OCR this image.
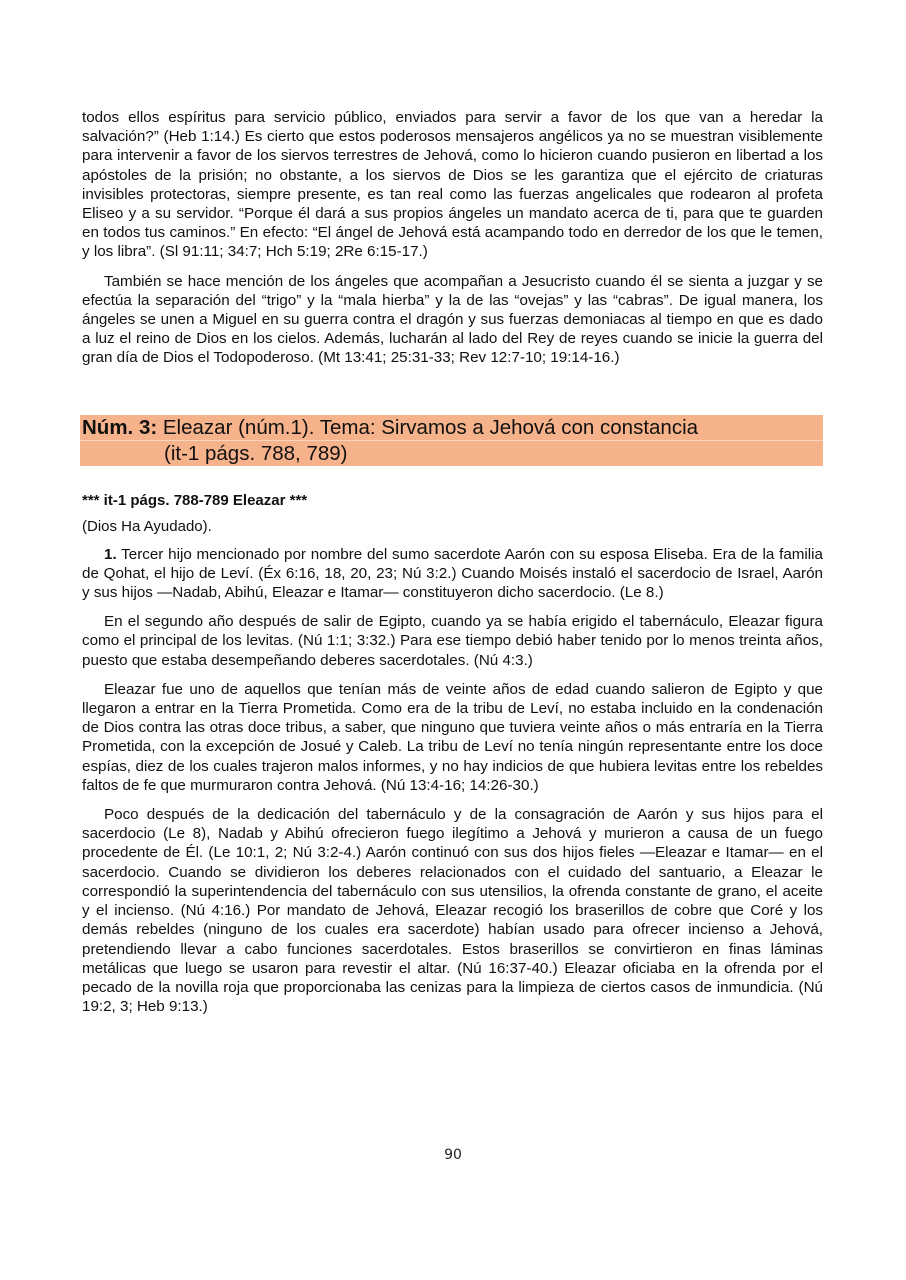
todos ellos espíritus para servicio público, enviados para servir a favor de los que van a heredar la salvación?” (Heb 1:14.) Es cierto que estos poderosos mensajeros angélicos ya no se muestran visiblemente para intervenir a favor de los siervos terrestres de Jehová, como lo hicieron cuando pusieron en libertad a los apóstoles de la prisión; no obstante, a los siervos de Dios se les garantiza que el ejército de criaturas invisibles protectoras, siempre presente, es tan real como las fuerzas angelicales que rodearon al profeta Eliseo y a su servidor. “Porque él dará a sus propios ángeles un mandato acerca de ti, para que te guarden en todos tus caminos.” En efecto: “El ángel de Jehová está acampando todo en derredor de los que le temen, y los libra”. (Sl 91:11; 34:7; Hch 5:19; 2Re 6:15-17.)

También se hace mención de los ángeles que acompañan a Jesucristo cuando él se sienta a juzgar y se efectúa la separación del “trigo” y la “mala hierba” y la de las “ovejas” y las “cabras”. De igual manera, los ángeles se unen a Miguel en su guerra contra el dragón y sus fuerzas demoniacas al tiempo en que es dado a luz el reino de Dios en los cielos. Además, lucharán al lado del Rey de reyes cuando se inicie la guerra del gran día de Dios el Todopoderoso. (Mt 13:41; 25:31-33; Rev 12:7-10; 19:14-16.)

Núm. 3: Eleazar (núm.1). Tema: Sirvamos a Jehová con constancia
(it-1 págs. 788, 789)
*** it-1 págs. 788-789 Eleazar ***
(Dios Ha Ayudado).

1. Tercer hijo mencionado por nombre del sumo sacerdote Aarón con su esposa Eliseba. Era de la familia de Qohat, el hijo de Leví. (Éx 6:16, 18, 20, 23; Nú 3:2.) Cuando Moisés instaló el sacerdocio de Israel, Aarón y sus hijos —Nadab, Abihú, Eleazar e Itamar— constituyeron dicho sacerdocio. (Le 8.)

En el segundo año después de salir de Egipto, cuando ya se había erigido el tabernáculo, Eleazar figura como el principal de los levitas. (Nú 1:1; 3:32.) Para ese tiempo debió haber tenido por lo menos treinta años, puesto que estaba desempeñando deberes sacerdotales. (Nú 4:3.)

Eleazar fue uno de aquellos que tenían más de veinte años de edad cuando salieron de Egipto y que llegaron a entrar en la Tierra Prometida. Como era de la tribu de Leví, no estaba incluido en la condenación de Dios contra las otras doce tribus, a saber, que ninguno que tuviera veinte años o más entraría en la Tierra Prometida, con la excepción de Josué y Caleb. La tribu de Leví no tenía ningún representante entre los doce espías, diez de los cuales trajeron malos informes, y no hay indicios de que hubiera levitas entre los rebeldes faltos de fe que murmuraron contra Jehová. (Nú 13:4-16; 14:26-30.)

Poco después de la dedicación del tabernáculo y de la consagración de Aarón y sus hijos para el sacerdocio (Le 8), Nadab y Abihú ofrecieron fuego ilegítimo a Jehová y murieron a causa de un fuego procedente de Él. (Le 10:1, 2; Nú 3:2-4.) Aarón continuó con sus dos hijos fieles —Eleazar e Itamar— en el sacerdocio. Cuando se dividieron los deberes relacionados con el cuidado del santuario, a Eleazar le correspondió la superintendencia del tabernáculo con sus utensilios, la ofrenda constante de grano, el aceite y el incienso. (Nú 4:16.) Por mandato de Jehová, Eleazar recogió los braserillos de cobre que Coré y los demás rebeldes (ninguno de los cuales era sacerdote) habían usado para ofrecer incienso a Jehová, pretendiendo llevar a cabo funciones sacerdotales. Estos braserillos se convirtieron en finas láminas metálicas que luego se usaron para revestir el altar. (Nú 16:37-40.) Eleazar oficiaba en la ofrenda por el pecado de la novilla roja que proporcionaba las cenizas para la limpieza de ciertos casos de inmundicia. (Nú 19:2, 3; Heb 9:13.)

90
